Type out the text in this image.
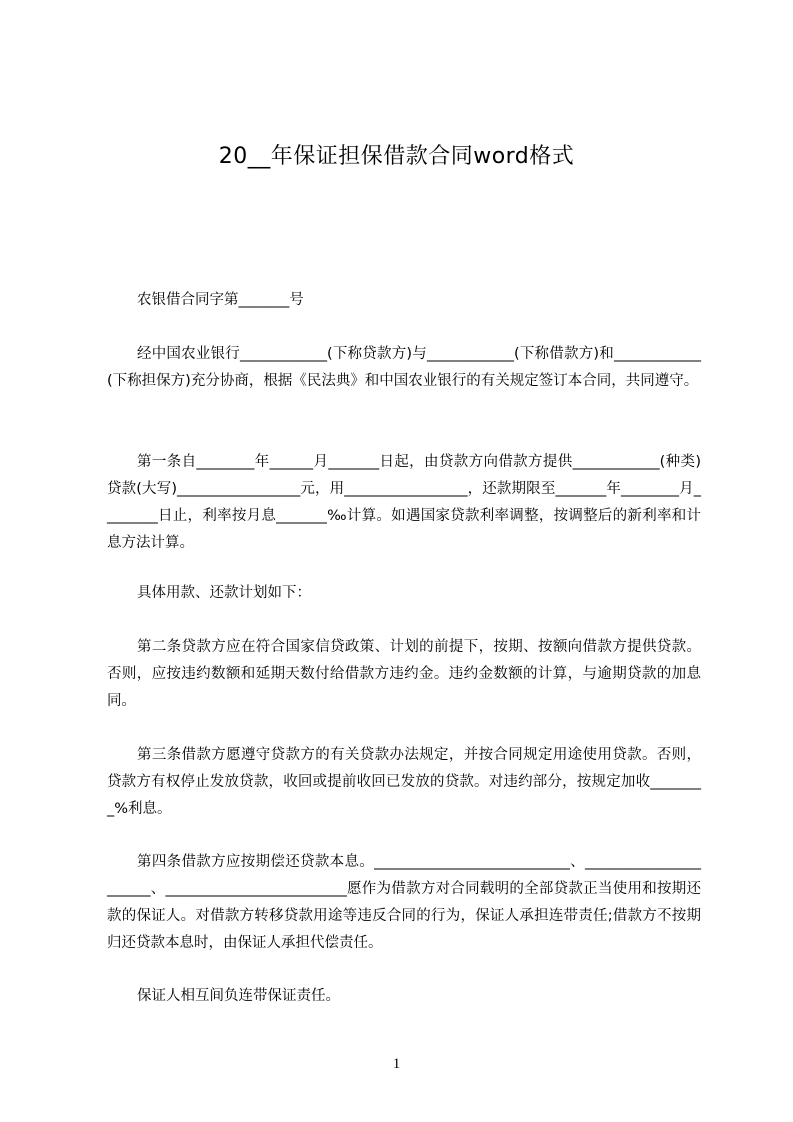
20__年保证担保借款合同word格式

农银借合同字第_______号

经中国农业银行____________(下称贷款方)与____________(下称借款方)和____________(下称担保方)充分协商，根据《民法典》和中国农业银行的有关规定签订本合同，共同遵守。

第一条自________年______月_______日起，由贷款方向借款方提供____________(种类)贷款(大写)_________________元，用_________________，还款期限至_______年________月________日止，利率按月息_______‰计算。如遇国家贷款利率调整，按调整后的新利率和计息方法计算。

具体用款、还款计划如下：

第二条贷款方应在符合国家信贷政策、计划的前提下，按期、按额向借款方提供贷款。否则，应按违约数额和延期天数付给借款方违约金。违约金数额的计算，与逾期贷款的加息同。

第三条借款方愿遵守贷款方的有关贷款办法规定，并按合同规定用途使用贷款。否则，贷款方有权停止发放贷款，收回或提前收回已发放的贷款。对违约部分，按规定加收________%利息。

第四条借款方应按期偿还贷款本息。___________________________、______________________、_________________________愿作为借款方对合同载明的全部贷款正当使用和按期还款的保证人。对借款方转移贷款用途等违反合同的行为，保证人承担连带责任;借款方不按期归还贷款本息时，由保证人承担代偿责任。

保证人相互间负连带保证责任。

1
